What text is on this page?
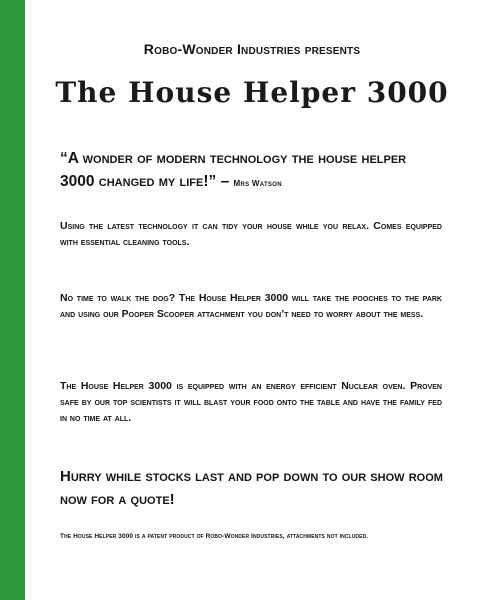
Robo-Wonder Industries presents

The House Helper 3000

“A wonder of modern technology the house helper 3000 changed my life!” – Mrs Watson

Using the latest technology it can tidy your house while you relax. Comes equipped with essential cleaning tools.

No time to walk the dog? The House Helper 3000 will take the pooches to the park and using our Pooper Scooper attachment you don’t need to worry about the mess.

The House Helper 3000 is equipped with an energy efficient Nuclear oven. Proven safe by our top scientists it will blast your food onto the table and have the family fed in no time at all.

Hurry while stocks last and pop down to our show room now for a quote!

The House Helper 3000 is a patent product of Robo-Wonder Industries, attachments not included.
